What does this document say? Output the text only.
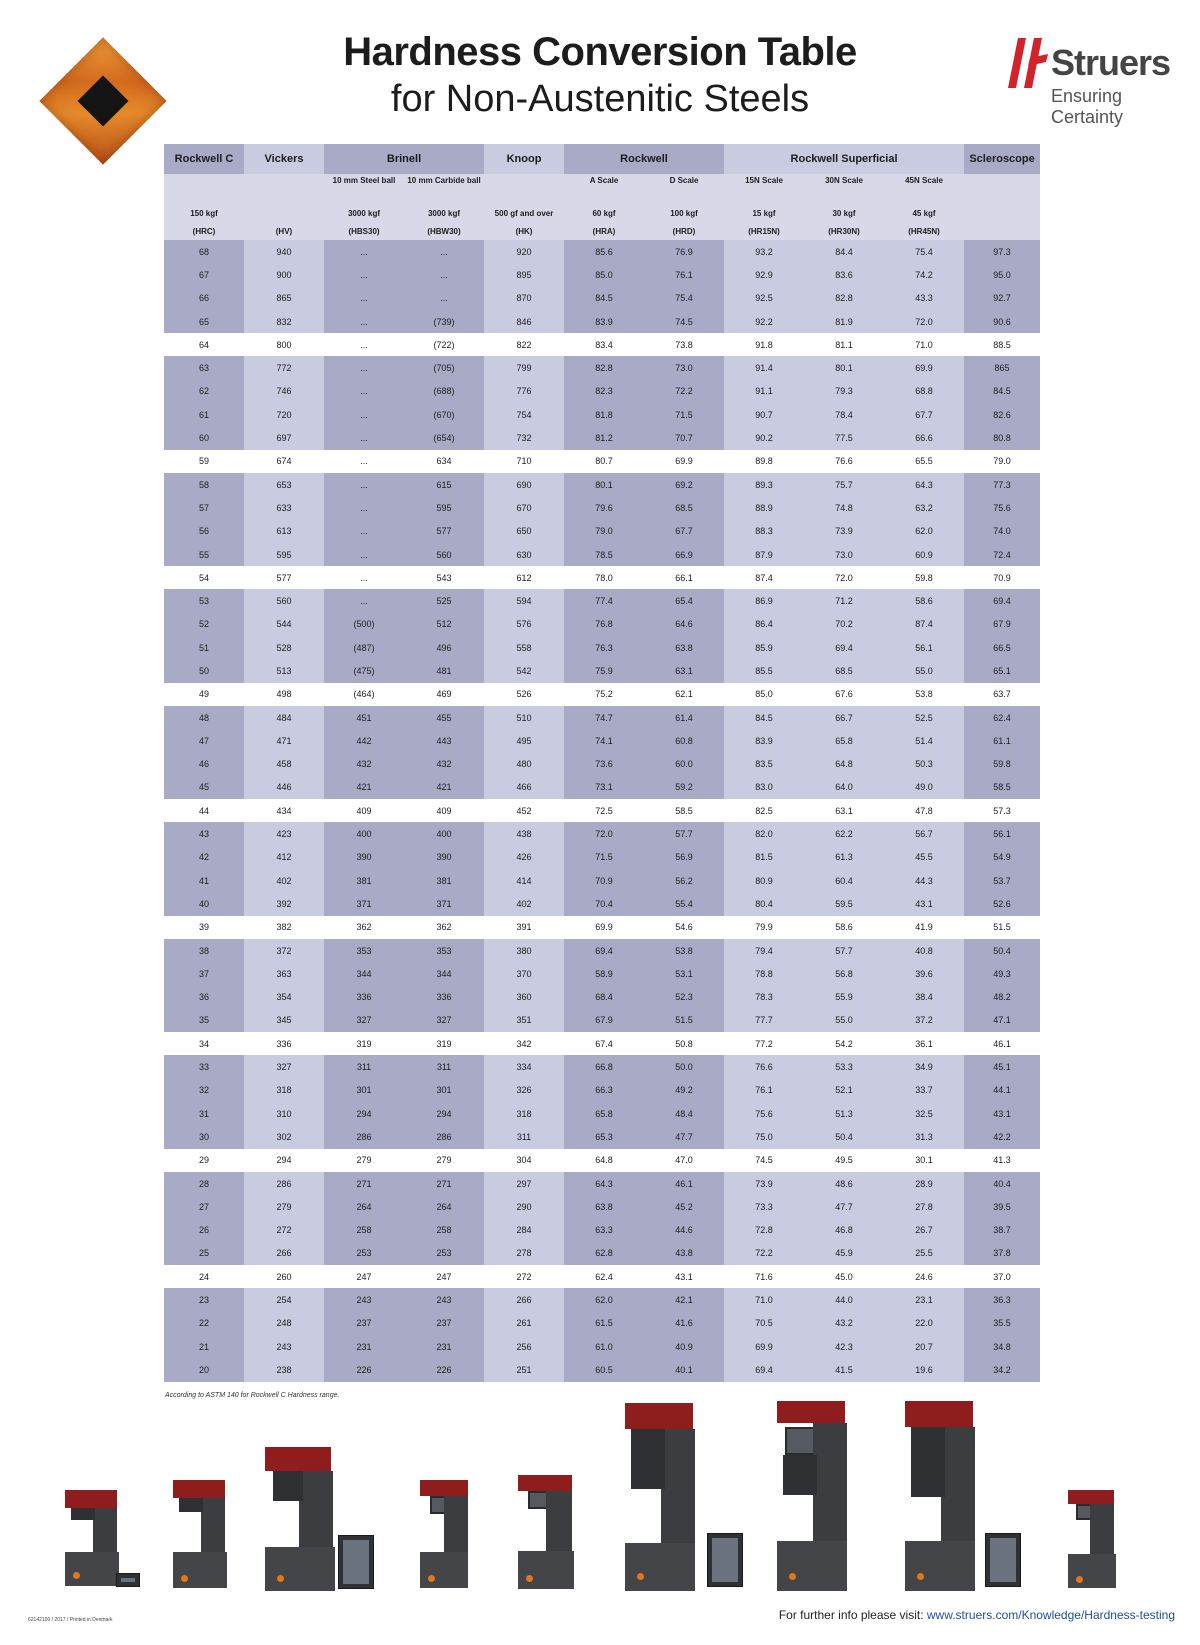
Hardness Conversion Table
for Non-Austenitic Steels
Struers
Ensuring Certainty
Rockwell C	Vickers	Brinell		Knoop	Rockwell		Rockwell Superficial			Scleroscope
		10 mm Steel ball	10 mm Carbide ball		A Scale	D Scale	15N Scale	30N Scale	45N Scale	
150 kgf		3000 kgf	3000 kgf	500 gf and over	60 kgf	100 kgf	15 kgf	30 kgf	45 kgf	
(HRC)	(HV)	(HBS30)	(HBW30)	(HK)	(HRA)	(HRD)	(HR15N)	(HR30N)	(HR45N)	
68	940	...	...	920	85.6	76.9	93.2	84.4	75.4	97.3
67	900	...	...	895	85.0	76.1	92.9	83.6	74.2	95.0
66	865	...	...	870	84.5	75.4	92.5	82.8	43.3	92.7
65	832	...	(739)	846	83.9	74.5	92.2	81.9	72.0	90.6
64	800	...	(722)	822	83.4	73.8	91.8	81.1	71.0	88.5
63	772	...	(705)	799	82.8	73.0	91.4	80.1	69.9	865
62	746	...	(688)	776	82.3	72.2	91.1	79.3	68.8	84.5
61	720	...	(670)	754	81.8	71.5	90.7	78.4	67.7	82.6
60	697	...	(654)	732	81.2	70.7	90.2	77.5	66.6	80.8
59	674	...	634	710	80.7	69.9	89.8	76.6	65.5	79.0
58	653	...	615	690	80.1	69.2	89.3	75.7	64.3	77.3
57	633	...	595	670	79.6	68.5	88.9	74.8	63.2	75.6
56	613	...	577	650	79.0	67.7	88.3	73.9	62.0	74.0
55	595	...	560	630	78.5	66.9	87.9	73.0	60.9	72.4
54	577	...	543	612	78.0	66.1	87.4	72.0	59.8	70.9
53	560	...	525	594	77.4	65.4	86.9	71.2	58.6	69.4
52	544	(500)	512	576	76.8	64.6	86.4	70.2	87.4	67.9
51	528	(487)	496	558	76.3	63.8	85.9	69.4	56.1	66.5
50	513	(475)	481	542	75.9	63.1	85.5	68.5	55.0	65.1
49	498	(464)	469	526	75.2	62.1	85.0	67.6	53.8	63.7
48	484	451	455	510	74.7	61.4	84.5	66.7	52.5	62.4
47	471	442	443	495	74.1	60.8	83.9	65.8	51.4	61.1
46	458	432	432	480	73.6	60.0	83.5	64.8	50.3	59.8
45	446	421	421	466	73.1	59.2	83.0	64.0	49.0	58.5
44	434	409	409	452	72.5	58.5	82.5	63.1	47.8	57.3
43	423	400	400	438	72.0	57.7	82.0	62.2	56.7	56.1
42	412	390	390	426	71.5	56.9	81.5	61.3	45.5	54.9
41	402	381	381	414	70.9	56.2	80.9	60.4	44.3	53.7
40	392	371	371	402	70.4	55.4	80.4	59.5	43.1	52.6
39	382	362	362	391	69.9	54.6	79.9	58.6	41.9	51.5
38	372	353	353	380	69.4	53.8	79.4	57.7	40.8	50.4
37	363	344	344	370	58.9	53.1	78.8	56.8	39.6	49.3
36	354	336	336	360	68.4	52.3	78.3	55.9	38.4	48.2
35	345	327	327	351	67.9	51.5	77.7	55.0	37.2	47.1
34	336	319	319	342	67.4	50.8	77.2	54.2	36.1	46.1
33	327	311	311	334	66.8	50.0	76.6	53.3	34.9	45.1
32	318	301	301	326	66.3	49.2	76.1	52.1	33.7	44.1
31	310	294	294	318	65.8	48.4	75.6	51.3	32.5	43.1
30	302	286	286	311	65.3	47.7	75.0	50.4	31.3	42.2
29	294	279	279	304	64.8	47.0	74.5	49.5	30.1	41.3
28	286	271	271	297	64.3	46.1	73.9	48.6	28.9	40.4
27	279	264	264	290	63.8	45.2	73.3	47.7	27.8	39.5
26	272	258	258	284	63.3	44.6	72.8	46.8	26.7	38.7
25	266	253	253	278	62.8	43.8	72.2	45.9	25.5	37.8
24	260	247	247	272	62.4	43.1	71.6	45.0	24.6	37.0
23	254	243	243	266	62.0	42.1	71.0	44.0	23.1	36.3
22	248	237	237	261	61.5	41.6	70.5	43.2	22.0	35.5
21	243	231	231	256	61.0	40.9	69.9	42.3	20.7	34.8
20	238	226	226	251	60.5	40.1	69.4	41.5	19.6	34.2
According to ASTM 140 for Rockwell C Hardness range.
62142100 / 2017 / Printed in Denmark	For further info please visit: www.struers.com/Knowledge/Hardness-testing
